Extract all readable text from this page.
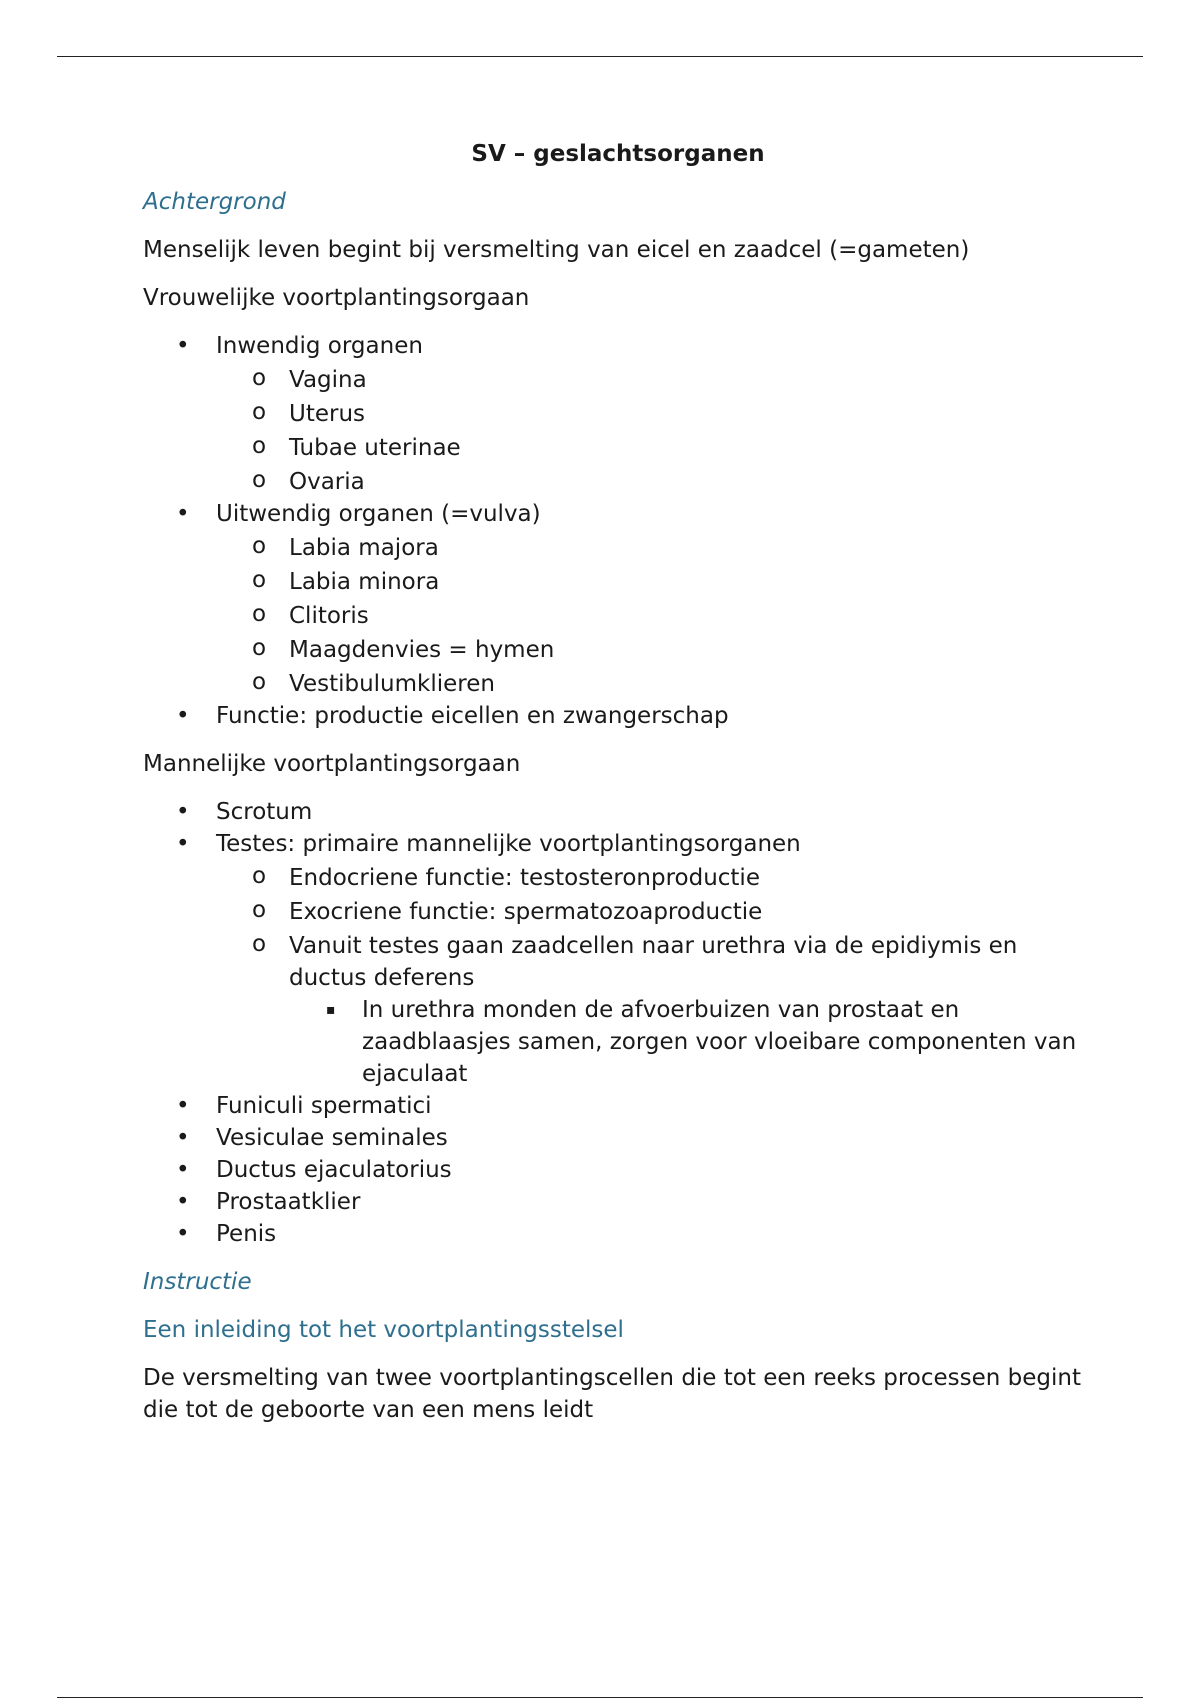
SV – geslachtsorganen
Achtergrond

Menselijk leven begint bij versmelting van eicel en zaadcel (=gameten)

Vrouwelijke voortplantingsorgaan

• Inwendig organen
o Vagina
o Uterus
o Tubae uterinae
o Ovaria
• Uitwendig organen (=vulva)
o Labia majora
o Labia minora
o Clitoris
o Maagdenvies = hymen
o Vestibulumklieren
• Functie: productie eicellen en zwangerschap

Mannelijke voortplantingsorgaan

• Scrotum
• Testes: primaire mannelijke voortplantingsorganen
o Endocriene functie: testosteronproductie
o Exocriene functie: spermatozoaproductie
o Vanuit testes gaan zaadcellen naar urethra via de epidiymis en ductus deferens
▪ In urethra monden de afvoerbuizen van prostaat en zaadblaasjes samen, zorgen voor vloeibare componenten van ejaculaat
• Funiculi spermatici
• Vesiculae seminales
• Ductus ejaculatorius
• Prostaatklier
• Penis
Instructie
Een inleiding tot het voortplantingsstelsel

De versmelting van twee voortplantingscellen die tot een reeks processen begint die tot de geboorte van een mens leidt
